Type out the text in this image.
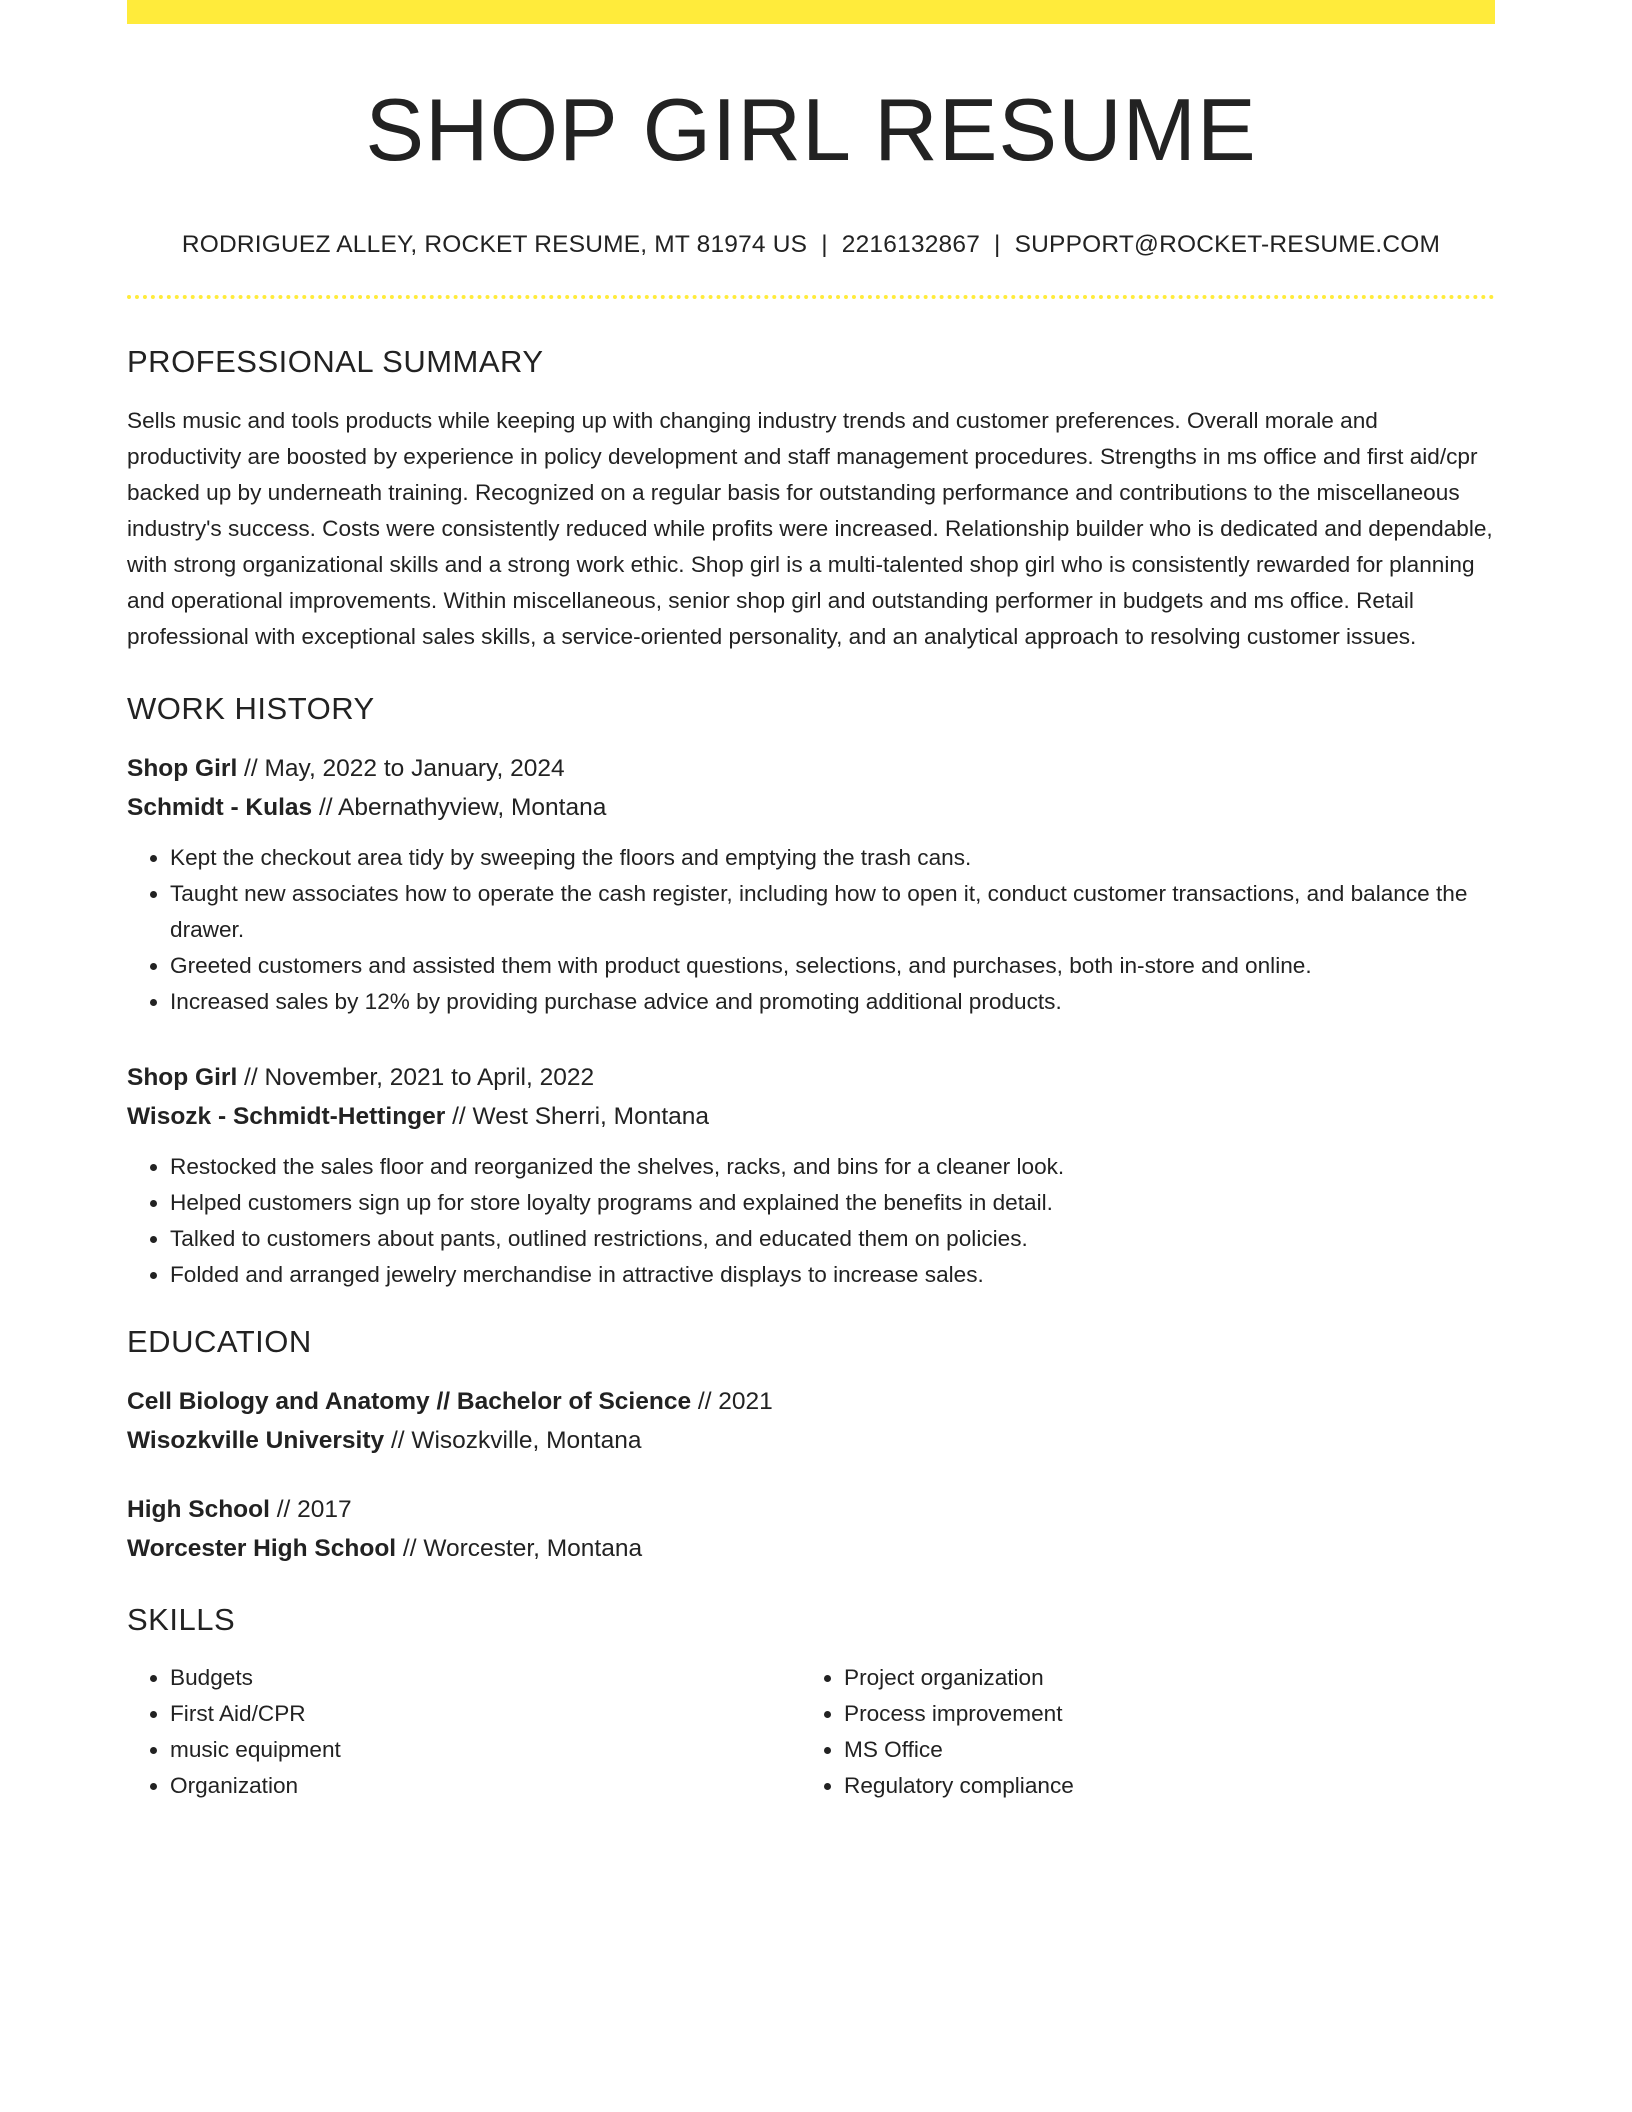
SHOP GIRL RESUME
RODRIGUEZ ALLEY, ROCKET RESUME, MT 81974 US | 2216132867 | SUPPORT@ROCKET-RESUME.COM
PROFESSIONAL SUMMARY

Sells music and tools products while keeping up with changing industry trends and customer preferences. Overall morale and productivity are boosted by experience in policy development and staff management procedures. Strengths in ms office and first aid/cpr backed up by underneath training. Recognized on a regular basis for outstanding performance and contributions to the miscellaneous industry's success. Costs were consistently reduced while profits were increased. Relationship builder who is dedicated and dependable, with strong organizational skills and a strong work ethic. Shop girl is a multi-talented shop girl who is consistently rewarded for planning and operational improvements. Within miscellaneous, senior shop girl and outstanding performer in budgets and ms office. Retail professional with exceptional sales skills, a service-oriented personality, and an analytical approach to resolving customer issues.

WORK HISTORY
Shop Girl // May, 2022 to January, 2024
Schmidt - Kulas // Abernathyview, Montana
• Kept the checkout area tidy by sweeping the floors and emptying the trash cans.
• Taught new associates how to operate the cash register, including how to open it, conduct customer transactions, and balance the drawer.
• Greeted customers and assisted them with product questions, selections, and purchases, both in-store and online.
• Increased sales by 12% by providing purchase advice and promoting additional products.
Shop Girl // November, 2021 to April, 2022
Wisozk - Schmidt-Hettinger // West Sherri, Montana
• Restocked the sales floor and reorganized the shelves, racks, and bins for a cleaner look.
• Helped customers sign up for store loyalty programs and explained the benefits in detail.
• Talked to customers about pants, outlined restrictions, and educated them on policies.
• Folded and arranged jewelry merchandise in attractive displays to increase sales.
EDUCATION
Cell Biology and Anatomy // Bachelor of Science // 2021
Wisozkville University // Wisozkville, Montana
High School // 2017
Worcester High School // Worcester, Montana
SKILLS
• Budgets
• First Aid/CPR
• music equipment
• Organization
• Project organization
• Process improvement
• MS Office
• Regulatory compliance
